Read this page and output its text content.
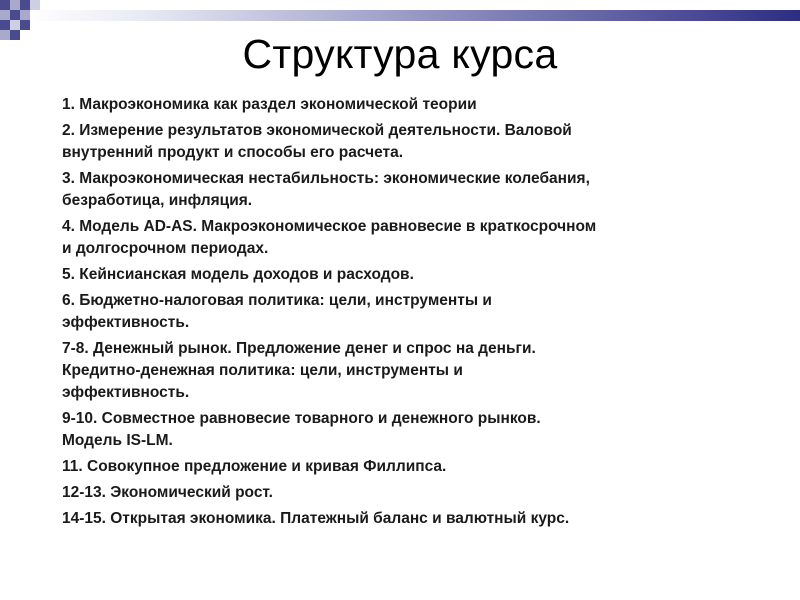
Структура курса
1. Макроэкономика как раздел экономической теории
2. Измерение результатов экономической деятельности. Валовой
внутренний продукт и способы его расчета.
3. Макроэкономическая нестабильность: экономические колебания,
безработица, инфляция.
4. Модель AD-AS. Макроэкономическое равновесие в краткосрочном
и долгосрочном периодах.
5. Кейнсианская модель доходов и расходов.
6. Бюджетно-налоговая политика: цели, инструменты и
эффективность.
7-8. Денежный рынок. Предложение денег и спрос на деньги.
Кредитно-денежная политика: цели, инструменты и
эффективность.
9-10. Совместное равновесие товарного и денежного рынков.
Модель IS-LM.
11. Совокупное предложение и кривая Филлипса.
12-13. Экономический рост.
14-15. Открытая экономика. Платежный баланс и валютный курс.
